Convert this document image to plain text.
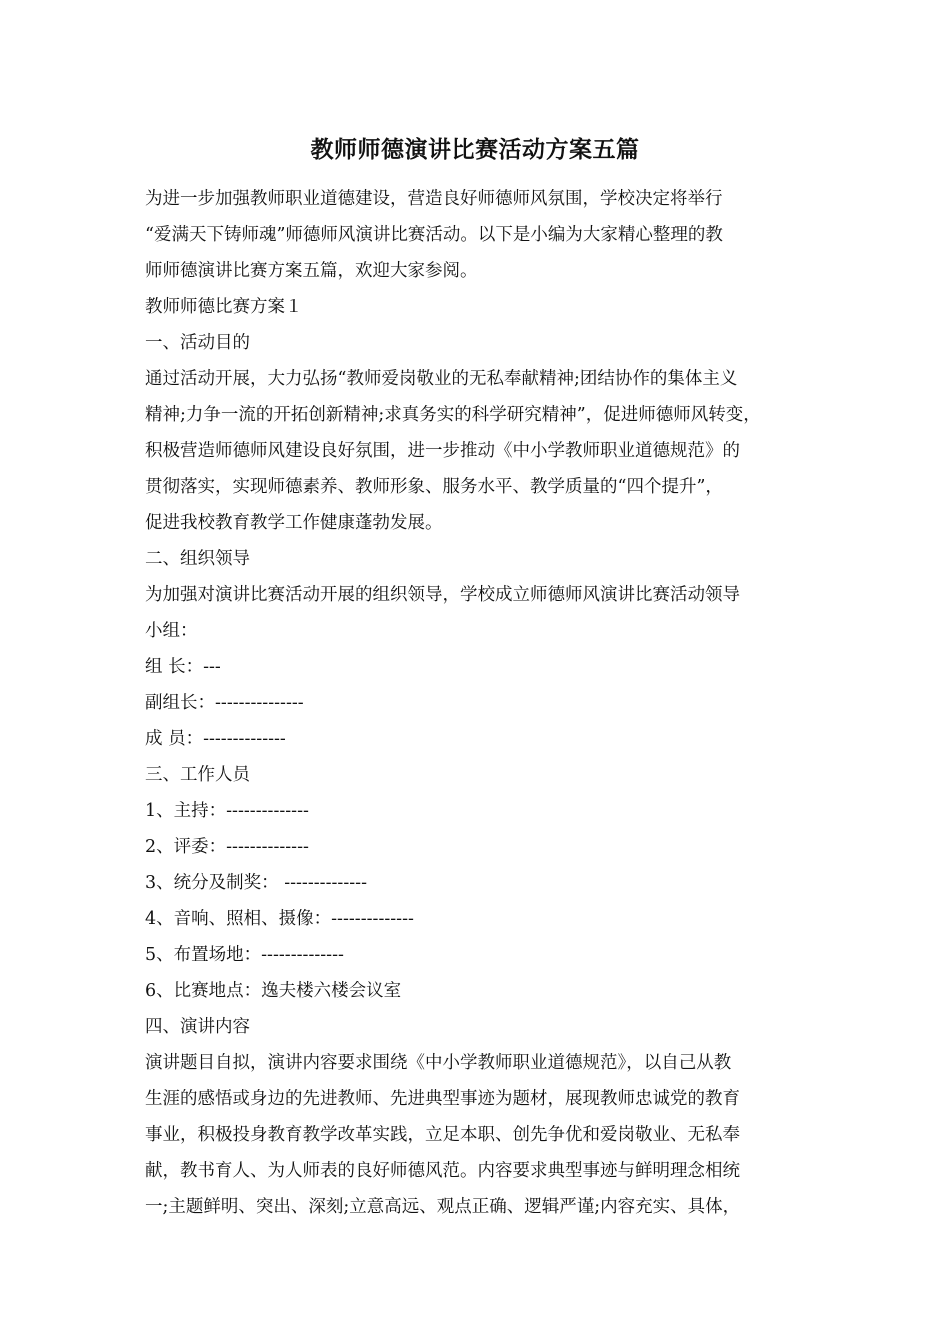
教师师德演讲比赛活动方案五篇

为进一步加强教师职业道德建设，营造良好师德师风氛围，学校决定将举行
“爱满天下铸师魂”师德师风演讲比赛活动。以下是小编为大家精心整理的教
师师德演讲比赛方案五篇，欢迎大家参阅。

教师师德比赛方案１

一、活动目的

通过活动开展，大力弘扬“教师爱岗敬业的无私奉献精神;团结协作的集体主义
精神;力争一流的开拓创新精神;求真务实的科学研究精神”，促进师德师风转变，
积极营造师德师风建设良好氛围，进一步推动《中小学教师职业道德规范》的
贯彻落实，实现师德素养、教师形象、服务水平、教学质量的“四个提升”，
促进我校教育教学工作健康蓬勃发展。

二、组织领导

为加强对演讲比赛活动开展的组织领导，学校成立师德师风演讲比赛活动领导
小组：

组 长：---

副组长：---------------

成 员：--------------

三、工作人员

1、主持：--------------

2、评委：--------------

3、统分及制奖： --------------

4、音响、照相、摄像：--------------

5、布置场地：--------------

6、比赛地点：逸夫楼六楼会议室

四、演讲内容

演讲题目自拟，演讲内容要求围绕《中小学教师职业道德规范》，以自己从教
生涯的感悟或身边的先进教师、先进典型事迹为题材，展现教师忠诚党的教育
事业，积极投身教育教学改革实践，立足本职、创先争优和爱岗敬业、无私奉
献，教书育人、为人师表的良好师德风范。内容要求典型事迹与鲜明理念相统
一;主题鲜明、突出、深刻;立意高远、观点正确、逻辑严谨;内容充实、具体，
